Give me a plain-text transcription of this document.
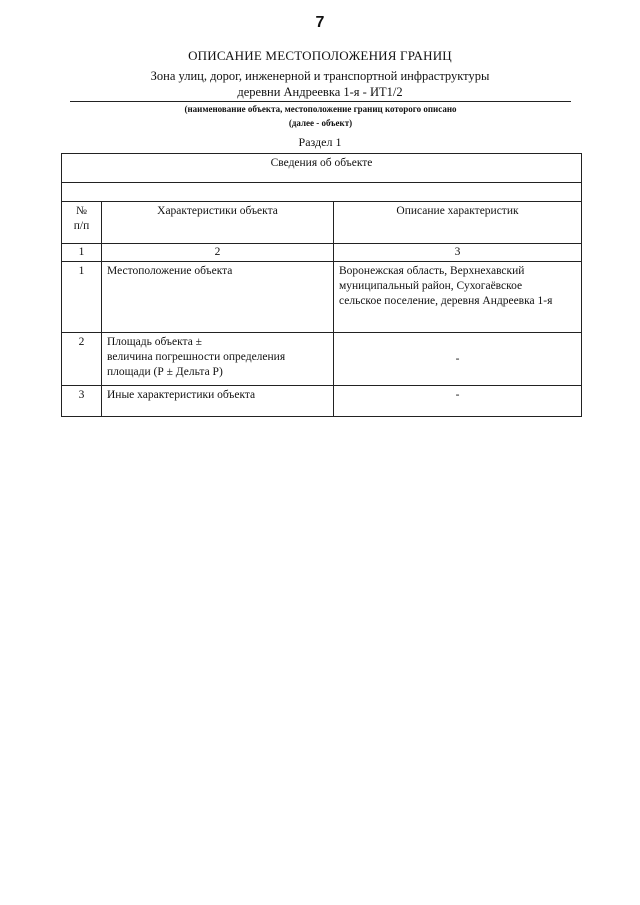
7
ОПИСАНИЕ МЕСТОПОЛОЖЕНИЯ ГРАНИЦ
Зона улиц, дорог, инженерной и транспортной инфраструктуры
деревни Андреевка 1-я - ИТ1/2
(наименование объекта, местоположение границ которого описано
(далее - объект)
Раздел 1
Сведения об объекте		

№
п/п	Характеристики объекта	Описание характеристик
1	2	3
1	Местоположение объекта	Воронежская область, Верхнехавский
муниципальный район, Сухогаёвское
сельское поселение, деревня Андреевка 1-я
2	Площадь объекта ±
величина погрешности определения
площади (Р ± Дельта Р)	-
3	Иные характеристики объекта	-
